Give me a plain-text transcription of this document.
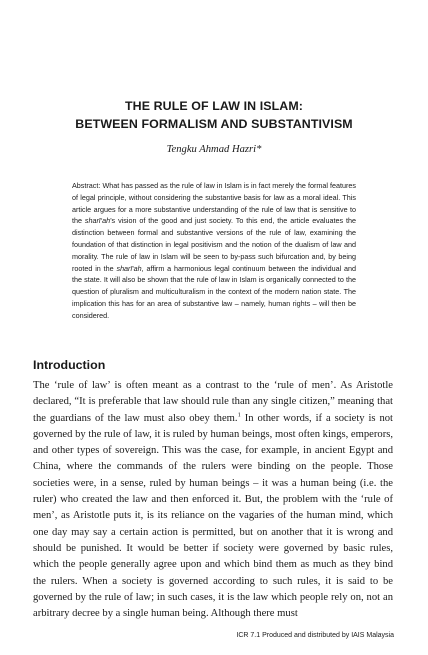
THE RULE OF LAW IN ISLAM:
BETWEEN FORMALISM AND SUBSTANTIVISM
Tengku Ahmad Hazri*

Abstract: What has passed as the rule of law in Islam is in fact merely the formal features of legal principle, without considering the substantive basis for law as a moral ideal. This article argues for a more substantive understanding of the rule of law that is sensitive to the sharī‘ah’s vision of the good and just society. To this end, the article evaluates the distinction between formal and substantive versions of the rule of law, examining the foundation of that distinction in legal positivism and the notion of the dualism of law and morality. The rule of law in Islam will be seen to by-pass such bifurcation and, by being rooted in the sharī‘ah, affirm a harmonious legal continuum between the individual and the state. It will also be shown that the rule of law in Islam is organically connected to the question of pluralism and multiculturalism in the context of the modern nation state. The implication this has for an area of substantive law – namely, human rights – will then be considered.

Introduction

The ‘rule of law’ is often meant as a contrast to the ‘rule of men’. As Aristotle declared, “It is preferable that law should rule than any single citizen,” meaning that the guardians of the law must also obey them.$^1$ In other words, if a society is not governed by the rule of law, it is ruled by human beings, most often kings, emperors, and other types of sovereign. This was the case, for example, in ancient Egypt and China, where the commands of the rulers were binding on the people. Those societies were, in a sense, ruled by human beings – it was a human being (i.e. the ruler) who created the law and then enforced it. But, the problem with the ‘rule of men’, as Aristotle puts it, is its reliance on the vagaries of the human mind, which one day may say a certain action is permitted, but on another that it is wrong and should be punished. It would be better if society were governed by basic rules, which the people generally agree upon and which bind them as much as they bind the rulers. When a society is governed according to such rules, it is said to be governed by the rule of law; in such cases, it is the law which people rely on, not an arbitrary decree by a single human being. Although there must

ICR 7.1 Produced and distributed by IAIS Malaysia
